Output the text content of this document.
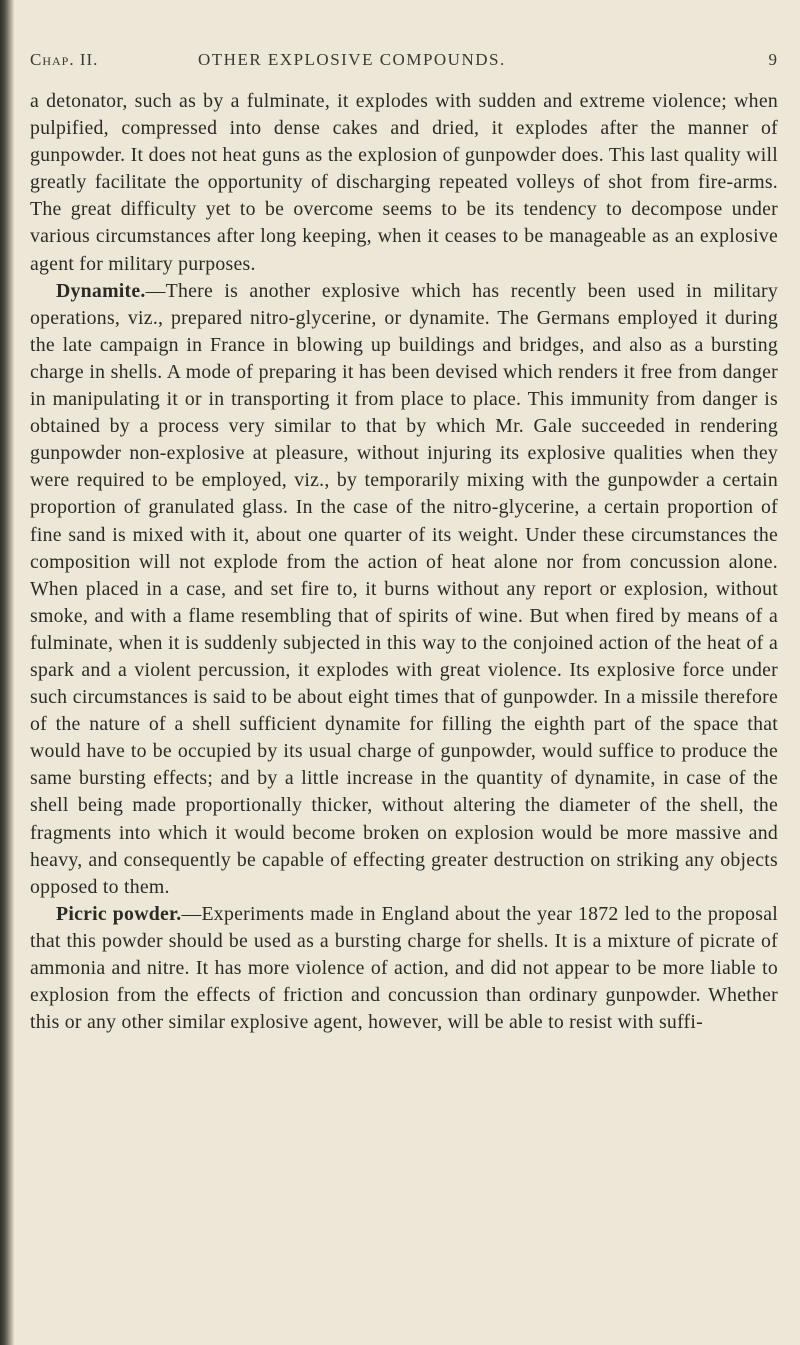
Chap. II.	OTHER EXPLOSIVE COMPOUNDS.	9

a detonator, such as by a fulminate, it explodes with sudden and extreme violence; when pulpified, compressed into dense cakes and dried, it explodes after the manner of gunpowder. It does not heat guns as the explosion of gunpowder does. This last quality will greatly facilitate the opportunity of discharging repeated volleys of shot from fire-arms. The great difficulty yet to be overcome seems to be its tendency to decompose under various circumstances after long keeping, when it ceases to be manageable as an explosive agent for military purposes.

Dynamite.—There is another explosive which has recently been used in military operations, viz., prepared nitro-glycerine, or dynamite. The Germans employed it during the late campaign in France in blowing up buildings and bridges, and also as a bursting charge in shells. A mode of preparing it has been devised which renders it free from danger in manipulating it or in transporting it from place to place. This immunity from danger is obtained by a process very similar to that by which Mr. Gale succeeded in rendering gunpowder non-explosive at pleasure, without injuring its explosive qualities when they were required to be employed, viz., by temporarily mixing with the gunpowder a certain proportion of granulated glass. In the case of the nitro-glycerine, a certain proportion of fine sand is mixed with it, about one quarter of its weight. Under these circumstances the composition will not explode from the action of heat alone nor from concussion alone. When placed in a case, and set fire to, it burns without any report or explosion, without smoke, and with a flame resembling that of spirits of wine. But when fired by means of a fulminate, when it is suddenly subjected in this way to the conjoined action of the heat of a spark and a violent percussion, it explodes with great violence. Its explosive force under such circumstances is said to be about eight times that of gunpowder. In a missile therefore of the nature of a shell sufficient dynamite for filling the eighth part of the space that would have to be occupied by its usual charge of gunpowder, would suffice to produce the same bursting effects; and by a little increase in the quantity of dynamite, in case of the shell being made proportionally thicker, without altering the diameter of the shell, the fragments into which it would become broken on explosion would be more massive and heavy, and consequently be capable of effecting greater destruction on striking any objects opposed to them.

Picric powder.—Experiments made in England about the year 1872 led to the proposal that this powder should be used as a bursting charge for shells. It is a mixture of picrate of ammonia and nitre. It has more violence of action, and did not appear to be more liable to explosion from the effects of friction and concussion than ordinary gunpowder. Whether this or any other similar explosive agent, however, will be able to resist with suffi-
